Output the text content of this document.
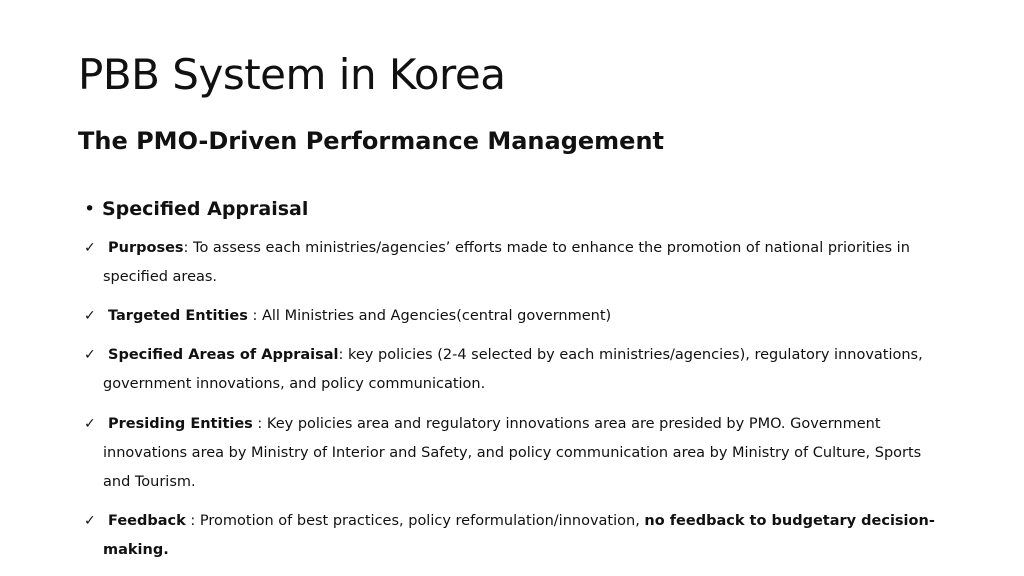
PBB System in Korea
The PMO-Driven Performance Management
• Specified Appraisal
✓ Purposes: To assess each ministries/agencies’ efforts made to enhance the promotion of national priorities in specified areas.
✓ Targeted Entities : All Ministries and Agencies(central government)
✓ Specified Areas of Appraisal: key policies (2-4 selected by each ministries/agencies), regulatory innovations, government innovations, and policy communication.
✓ Presiding Entities : Key policies area and regulatory innovations area are presided by PMO. Government innovations area by Ministry of Interior and Safety, and policy communication area by Ministry of Culture, Sports and Tourism.
✓ Feedback : Promotion of best practices, policy reformulation/innovation, no feedback to budgetary decision-making.
